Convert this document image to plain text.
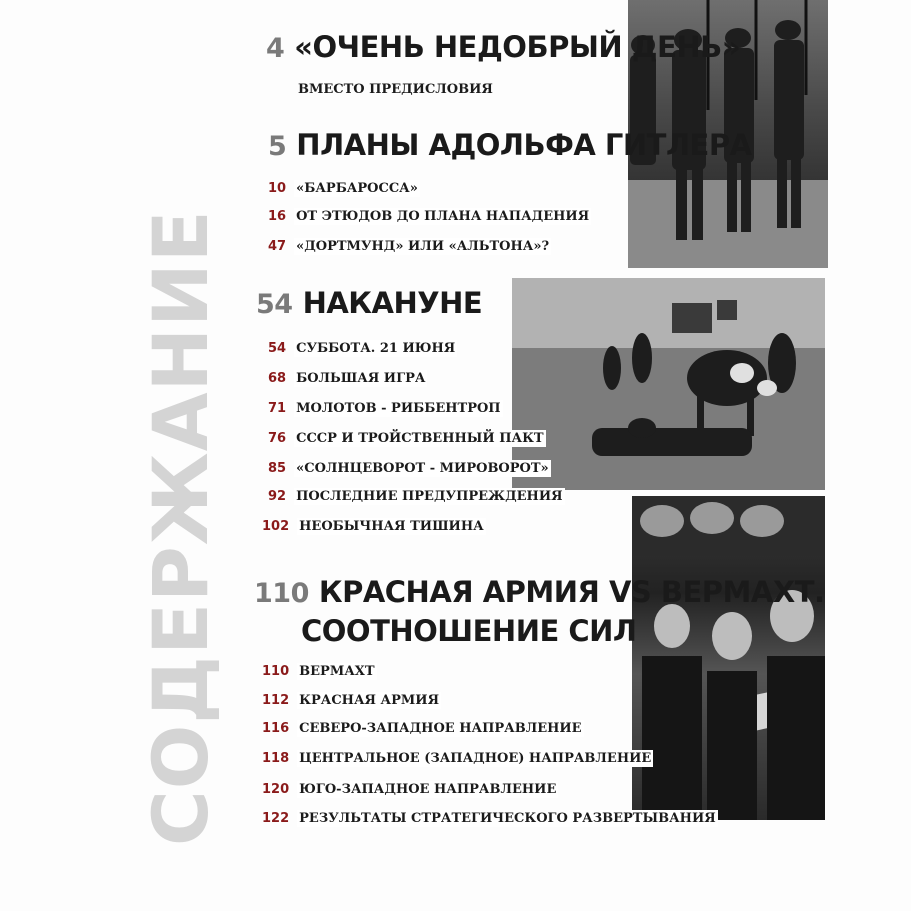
СОДЕРЖАНИЕ
4 «ОЧЕНЬ НЕДОБРЫЙ ДЕНЬ»
ВМЕСТО ПРЕДИСЛОВИЯ
5 ПЛАНЫ АДОЛЬФА ГИТЛЕРА
10 «БАРБАРОССА»
16 ОТ ЭТЮДОВ ДО ПЛАНА НАПАДЕНИЯ
47 «ДОРТМУНД» ИЛИ «АЛЬТОНА»?
54 НАКАНУНЕ
54 СУББОТА. 21 ИЮНЯ
68 БОЛЬШАЯ ИГРА
71 МОЛОТОВ - РИББЕНТРОП
76 СССР И ТРОЙСТВЕННЫЙ ПАКТ
85 «СОЛНЦЕВОРОТ - МИРОВОРОТ»
92 ПОСЛЕДНИЕ ПРЕДУПРЕЖДЕНИЯ
102 НЕОБЫЧНАЯ ТИШИНА
110 КРАСНАЯ АРМИЯ VS ВЕРМАХТ.
СООТНОШЕНИЕ СИЛ
110 ВЕРМАХТ
112 КРАСНАЯ АРМИЯ
116 СЕВЕРО-ЗАПАДНОЕ НАПРАВЛЕНИЕ
118 ЦЕНТРАЛЬНОЕ (ЗАПАДНОЕ) НАПРАВЛЕНИЕ
120 ЮГО-ЗАПАДНОЕ НАПРАВЛЕНИЕ
122 РЕЗУЛЬТАТЫ СТРАТЕГИЧЕСКОГО РАЗВЕРТЫВАНИЯ
